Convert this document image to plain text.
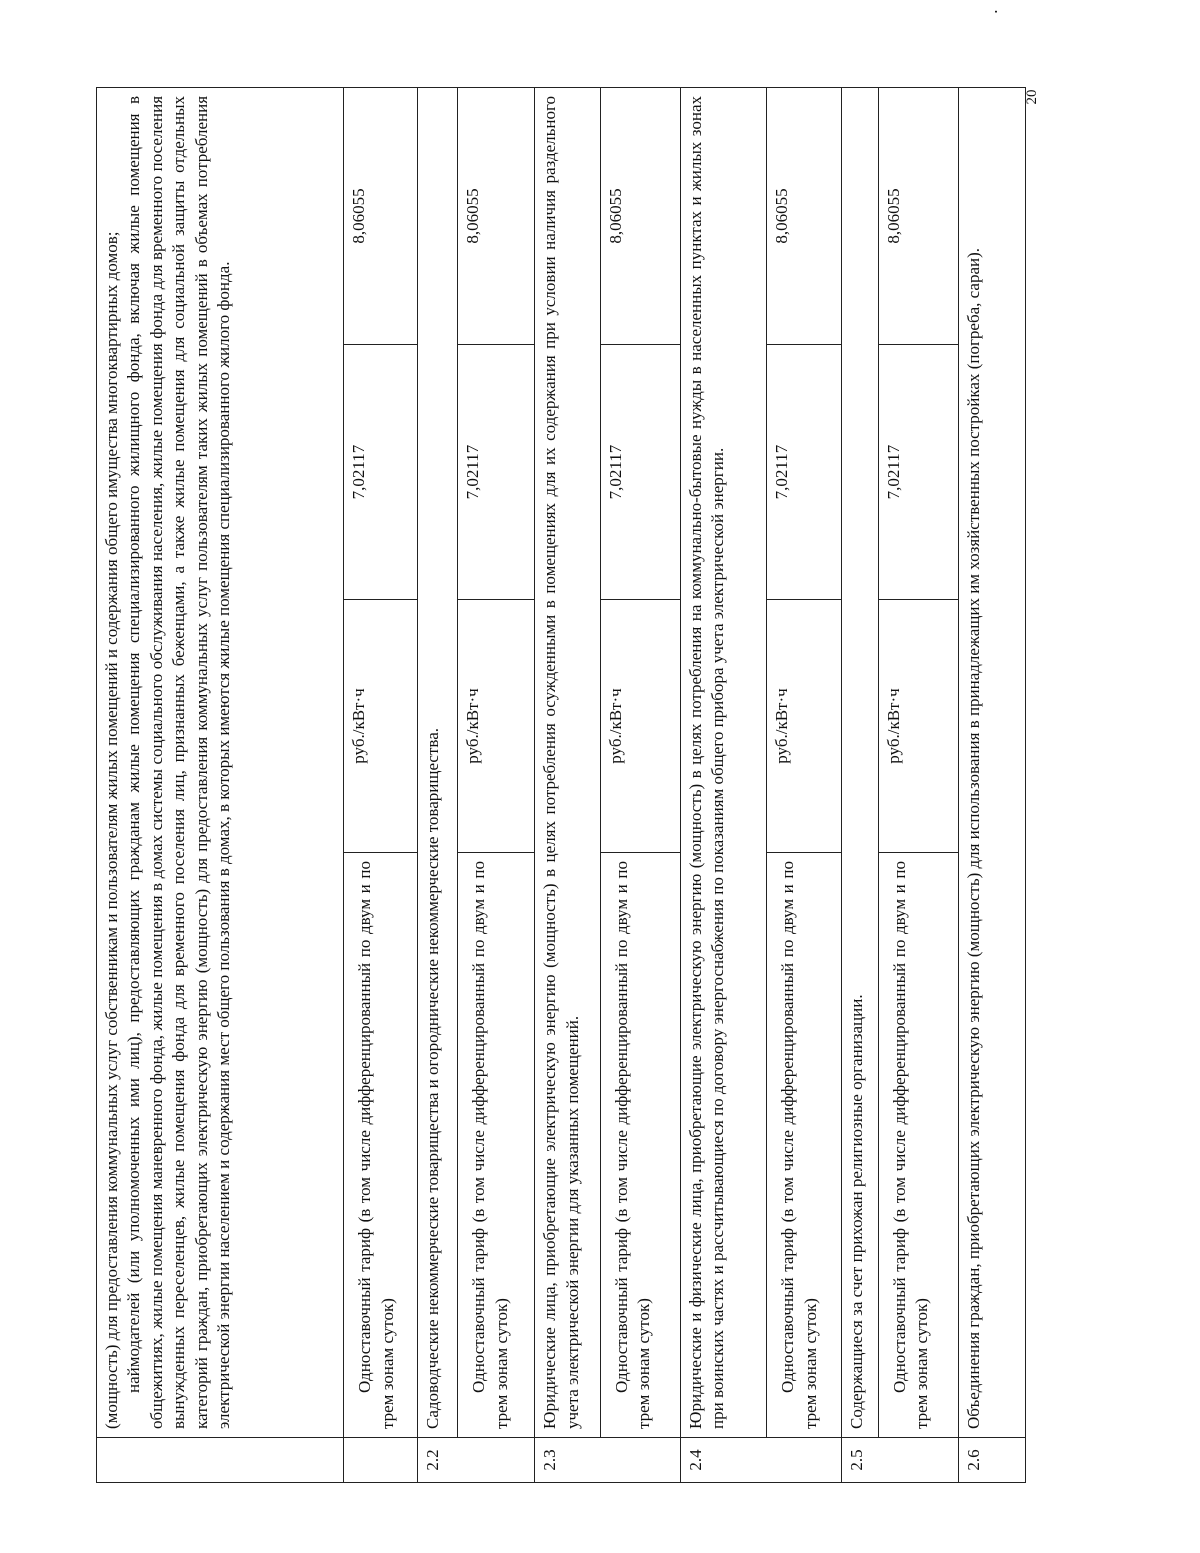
20

	(мощность) для предоставления коммунальных услуг собственникам и пользователям жилых помещений и содержания общего имущества многоквартирных домов; наймодателей (или уполномоченных ими лиц), предоставляющих гражданам жилые помещения специализированного жилищного фонда, включая жилые помещения в общежитиях, жилые помещения маневренного фонда, жилые помещения в домах системы социального обслуживания населения, жилые помещения фонда для временного поселения вынужденных переселенцев, жилые помещения фонда для временного поселения лиц, признанных беженцами, а также жилые помещения для социальной защиты отдельных категорий граждан, приобретающих электрическую энергию (мощность) для предоставления коммунальных услуг пользователям таких жилых помещений в объемах потребления электрической энергии населением и содержания мест общего пользования в домах, в которых имеются жилые помещения специализированного жилого фонда.			

	Одноставочный тариф (в том числе дифференцированный по двум и по трем зонам суток)	руб./кВт·ч	7,02117	8,06055
2.2	Садоводческие некоммерческие товарищества и огороднические некоммерческие товарищества.			

	Одноставочный тариф (в том числе дифференцированный по двум и по трем зонам суток)	руб./кВт·ч	7,02117	8,06055
2.3	Юридические лица, приобретающие электрическую энергию (мощность) в целях потребления осужденными в помещениях для их содержания при условии наличия раздельного учета электрической энергии для указанных помещений.			

	Одноставочный тариф (в том числе дифференцированный по двум и по трем зонам суток)	руб./кВт·ч	7,02117	8,06055
2.4	Юридические и физические лица, приобретающие электрическую энергию (мощность) в целях потребления на коммунально-бытовые нужды в населенных пунктах и жилых зонах при воинских частях и рассчитывающиеся по договору энергоснабжения по показаниям общего прибора учета электрической энергии.			

	Одноставочный тариф (в том числе дифференцированный по двум и по трем зонам суток)	руб./кВт·ч	7,02117	8,06055
2.5	Содержащиеся за счет прихожан религиозные организации.			

	Одноставочный тариф (в том числе дифференцированный по двум и по трем зонам суток)	руб./кВт·ч	7,02117	8,06055
2.6	Объединения граждан, приобретающих электрическую энергию (мощность) для использования в принадлежащих им хозяйственных постройках (погреба, сараи). .			
